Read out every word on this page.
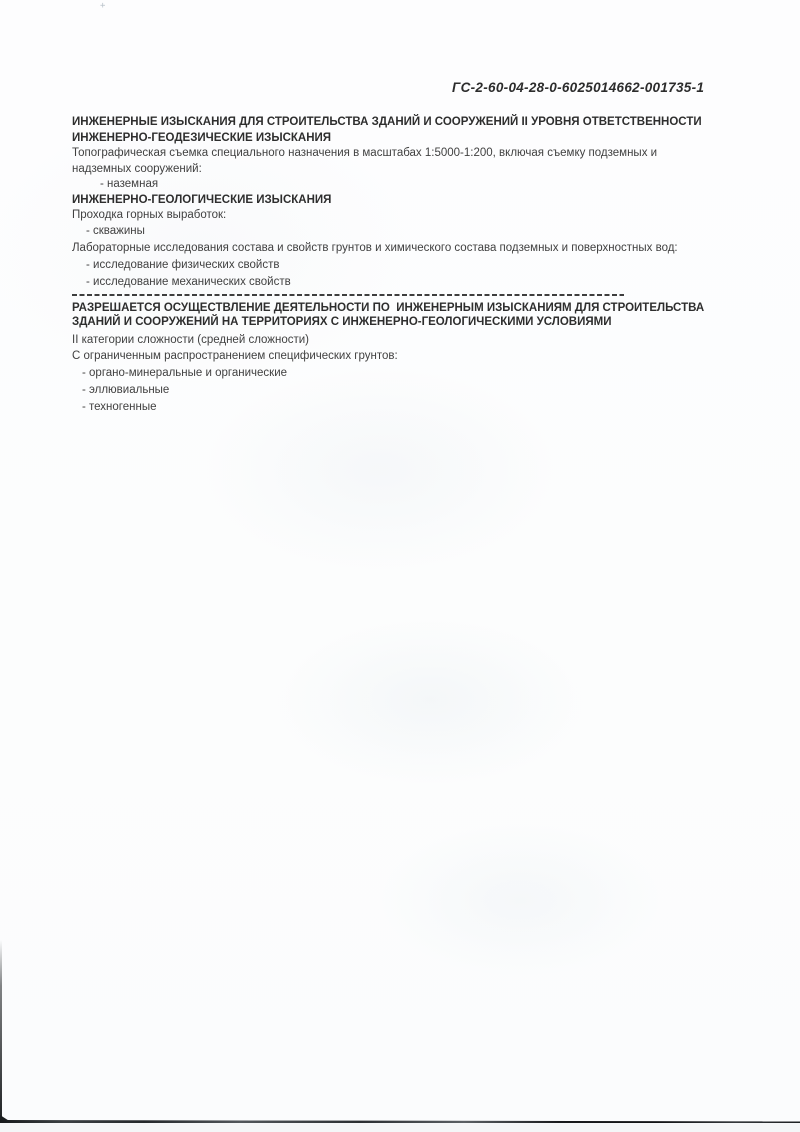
+
ГС-2-60-04-28-0-6025014662-001735-1
ИНЖЕНЕРНЫЕ ИЗЫСКАНИЯ ДЛЯ СТРОИТЕЛЬСТВА ЗДАНИЙ И СООРУЖЕНИЙ II УРОВНЯ ОТВЕТСТВЕННОСТИ
ИНЖЕНЕРНО-ГЕОДЕЗИЧЕСКИЕ ИЗЫСКАНИЯ
Топографическая съемка специального назначения в масштабах 1:5000-1:200, включая съемку подземных и
надземных сооружений:
- наземная
ИНЖЕНЕРНО-ГЕОЛОГИЧЕСКИЕ ИЗЫСКАНИЯ
Проходка горных выработок:
- скважины
Лабораторные исследования состава и свойств грунтов и химического состава подземных и поверхностных вод:
- исследование физических свойств
- исследование механических свойств
РАЗРЕШАЕТСЯ ОСУЩЕСТВЛЕНИЕ ДЕЯТЕЛЬНОСТИ ПО  ИНЖЕНЕРНЫМ ИЗЫСКАНИЯМ ДЛЯ СТРОИТЕЛЬСТВА
ЗДАНИЙ И СООРУЖЕНИЙ НА ТЕРРИТОРИЯХ С ИНЖЕНЕРНО-ГЕОЛОГИЧЕСКИМИ УСЛОВИЯМИ
II категории сложности (средней сложности)
С ограниченным распространением специфических грунтов:
- органо-минеральные и органические
- эллювиальные
- техногенные
